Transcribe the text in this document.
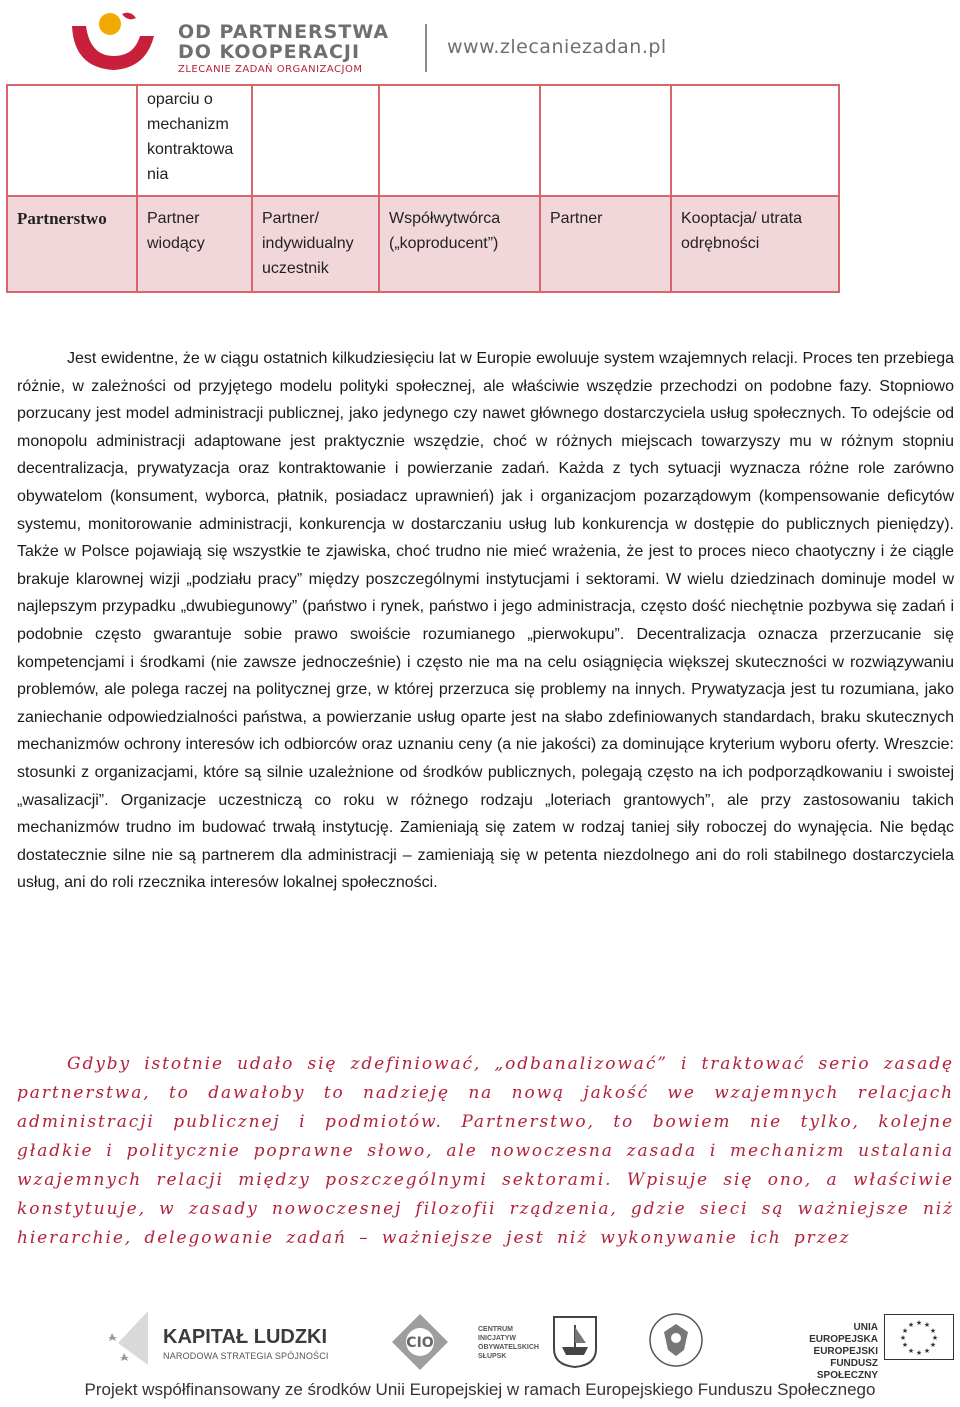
OD PARTNERSTWA
DO KOOPERACJI
ZLECANIE ZADAŃ ORGANIZACJOM
www.zlecaniezadan.pl

	oparciu o mechanizm kontraktowa nia				

Partnerstwo	Partner wiodący	Partner/ indywidualny uczestnik	Współwytwórca („koproducent”)	Partner	Kooptacja/ utrata odrębności
Jest ewidentne, że w ciągu ostatnich kilkudziesięciu lat w Europie ewoluuje system wzajemnych relacji. Proces ten przebiega różnie, w zależności od przyjętego modelu polityki społecznej, ale właściwie wszędzie przechodzi on podobne fazy. Stopniowo porzucany jest model administracji publicznej, jako jedynego czy nawet głównego dostarczyciela usług społecznych. To odejście od monopolu administracji adaptowane jest praktycznie wszędzie, choć w różnych miejscach towarzyszy mu w różnym stopniu decentralizacja, prywatyzacja oraz kontraktowanie i powierzanie zadań. Każda z tych sytuacji wyznacza różne role zarówno obywatelom (konsument, wyborca, płatnik, posiadacz uprawnień) jak i organizacjom pozarządowym (kompensowanie deficytów systemu, monitorowanie administracji, konkurencja w dostarczaniu usług lub konkurencja w dostępie do publicznych pieniędzy). Także w Polsce pojawiają się wszystkie te zjawiska, choć trudno nie mieć wrażenia, że jest to proces nieco chaotyczny i że ciągle brakuje klarownej wizji „podziału pracy” między poszczególnymi instytucjami i sektorami. W wielu dziedzinach dominuje model w najlepszym przypadku „dwubiegunowy” (państwo i rynek, państwo i jego administracja, często dość niechętnie pozbywa się zadań i podobnie często gwarantuje sobie prawo swoiście rozumianego „pierwokupu”. Decentralizacja oznacza przerzucanie się kompetencjami i środkami (nie zawsze jednocześnie) i często nie ma na celu osiągnięcia większej skuteczności w rozwiązywaniu problemów, ale polega raczej na politycznej grze, w której przerzuca się problemy na innych. Prywatyzacja jest tu rozumiana, jako zaniechanie odpowiedzialności państwa, a powierzanie usług oparte jest na słabo zdefiniowanych standardach, braku skutecznych mechanizmów ochrony interesów ich odbiorców oraz uznaniu ceny (a nie jakości) za dominujące kryterium wyboru oferty. Wreszcie: stosunki z organizacjami, które są silnie uzależnione od środków publicznych, polegają często na ich podporządkowaniu i swoistej „wasalizacji”. Organizacje uczestniczą co roku w różnego rodzaju „loteriach grantowych”, ale przy zastosowaniu takich mechanizmów trudno im budować trwałą instytucję. Zamieniają się zatem w rodzaj taniej siły roboczej do wynajęcia. Nie będąc dostatecznie silne nie są partnerem dla administracji – zamieniają się w petenta niezdolnego ani do roli stabilnego dostarczyciela usług, ani do roli rzecznika interesów lokalnej społeczności.
Gdyby istotnie udało się zdefiniować, „odbanalizować” i traktować serio zasadę partnerstwa, to dawałoby to nadzieję na nową jakość we wzajemnych relacjach administracji publicznej i podmiotów. Partnerstwo, to bowiem nie tylko, kolejne gładkie i politycznie poprawne słowo, ale nowoczesna zasada i mechanizm ustalania wzajemnych relacji między poszczególnymi sektorami. Wpisuje się ono, a właściwie konstytuuje, w zasady nowoczesnej filozofii rządzenia, gdzie sieci są ważniejsze niż hierarchie, delegowanie zadań – ważniejsze jest niż wykonywanie ich przez
KAPITAŁ LUDZKI
NARODOWA STRATEGIA SPÓJNOŚCI
CIO
CENTRUM INICJATYW OBYWATELSKICH SŁUPSK
UNIA EUROPEJSKA
EUROPEJSKI
FUNDUSZ SPOŁECZNY
★ ★
★
★
★
★
★
★
★
★
★
★
Projekt współfinansowany ze środków Unii Europejskiej w ramach Europejskiego Funduszu Społecznego
